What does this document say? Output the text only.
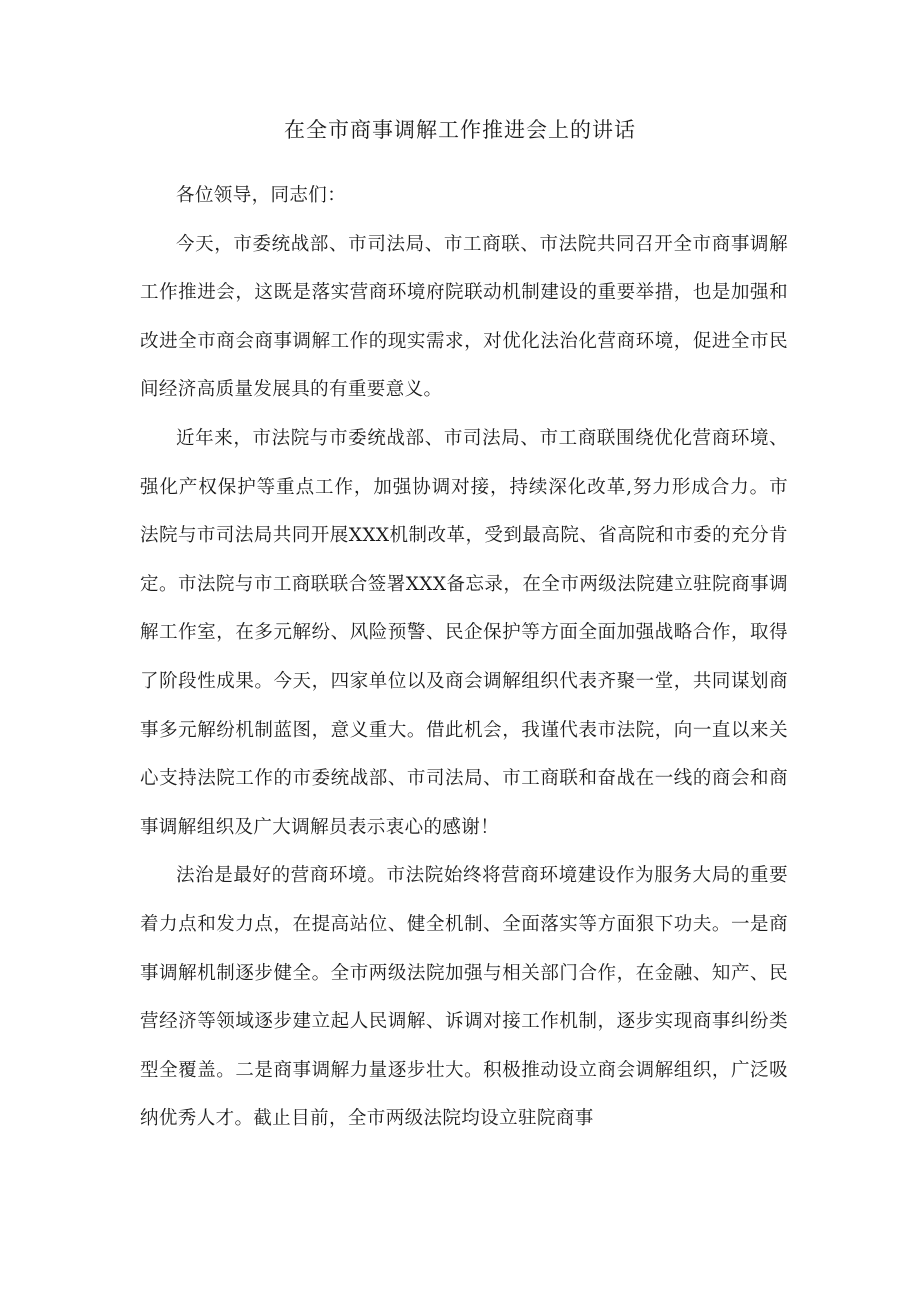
在全市商事调解工作推进会上的讲话

各位领导，同志们：

今天，市委统战部、市司法局、市工商联、市法院共同召开全市商事调解工作推进会，这既是落实营商环境府院联动机制建设的重要举措，也是加强和改进全市商会商事调解工作的现实需求，对优化法治化营商环境，促进全市民间经济高质量发展具的有重要意义。

近年来，市法院与市委统战部、市司法局、市工商联围绕优化营商环境、强化产权保护等重点工作，加强协调对接，持续深化改革,努力形成合力。市法院与市司法局共同开展XXX机制改革，受到最高院、省高院和市委的充分肯定。市法院与市工商联联合签署XXX备忘录，在全市两级法院建立驻院商事调解工作室，在多元解纷、风险预警、民企保护等方面全面加强战略合作，取得了阶段性成果。今天，四家单位以及商会调解组织代表齐聚一堂，共同谋划商事多元解纷机制蓝图，意义重大。借此机会，我谨代表市法院，向一直以来关心支持法院工作的市委统战部、市司法局、市工商联和奋战在一线的商会和商事调解组织及广大调解员表示衷心的感谢！

法治是最好的营商环境。市法院始终将营商环境建设作为服务大局的重要着力点和发力点，在提高站位、健全机制、全面落实等方面狠下功夫。一是商事调解机制逐步健全。全市两级法院加强与相关部门合作，在金融、知产、民营经济等领域逐步建立起人民调解、诉调对接工作机制，逐步实现商事纠纷类型全覆盖。二是商事调解力量逐步壮大。积极推动设立商会调解组织，广泛吸纳优秀人才。截止目前，全市两级法院均设立驻院商事
